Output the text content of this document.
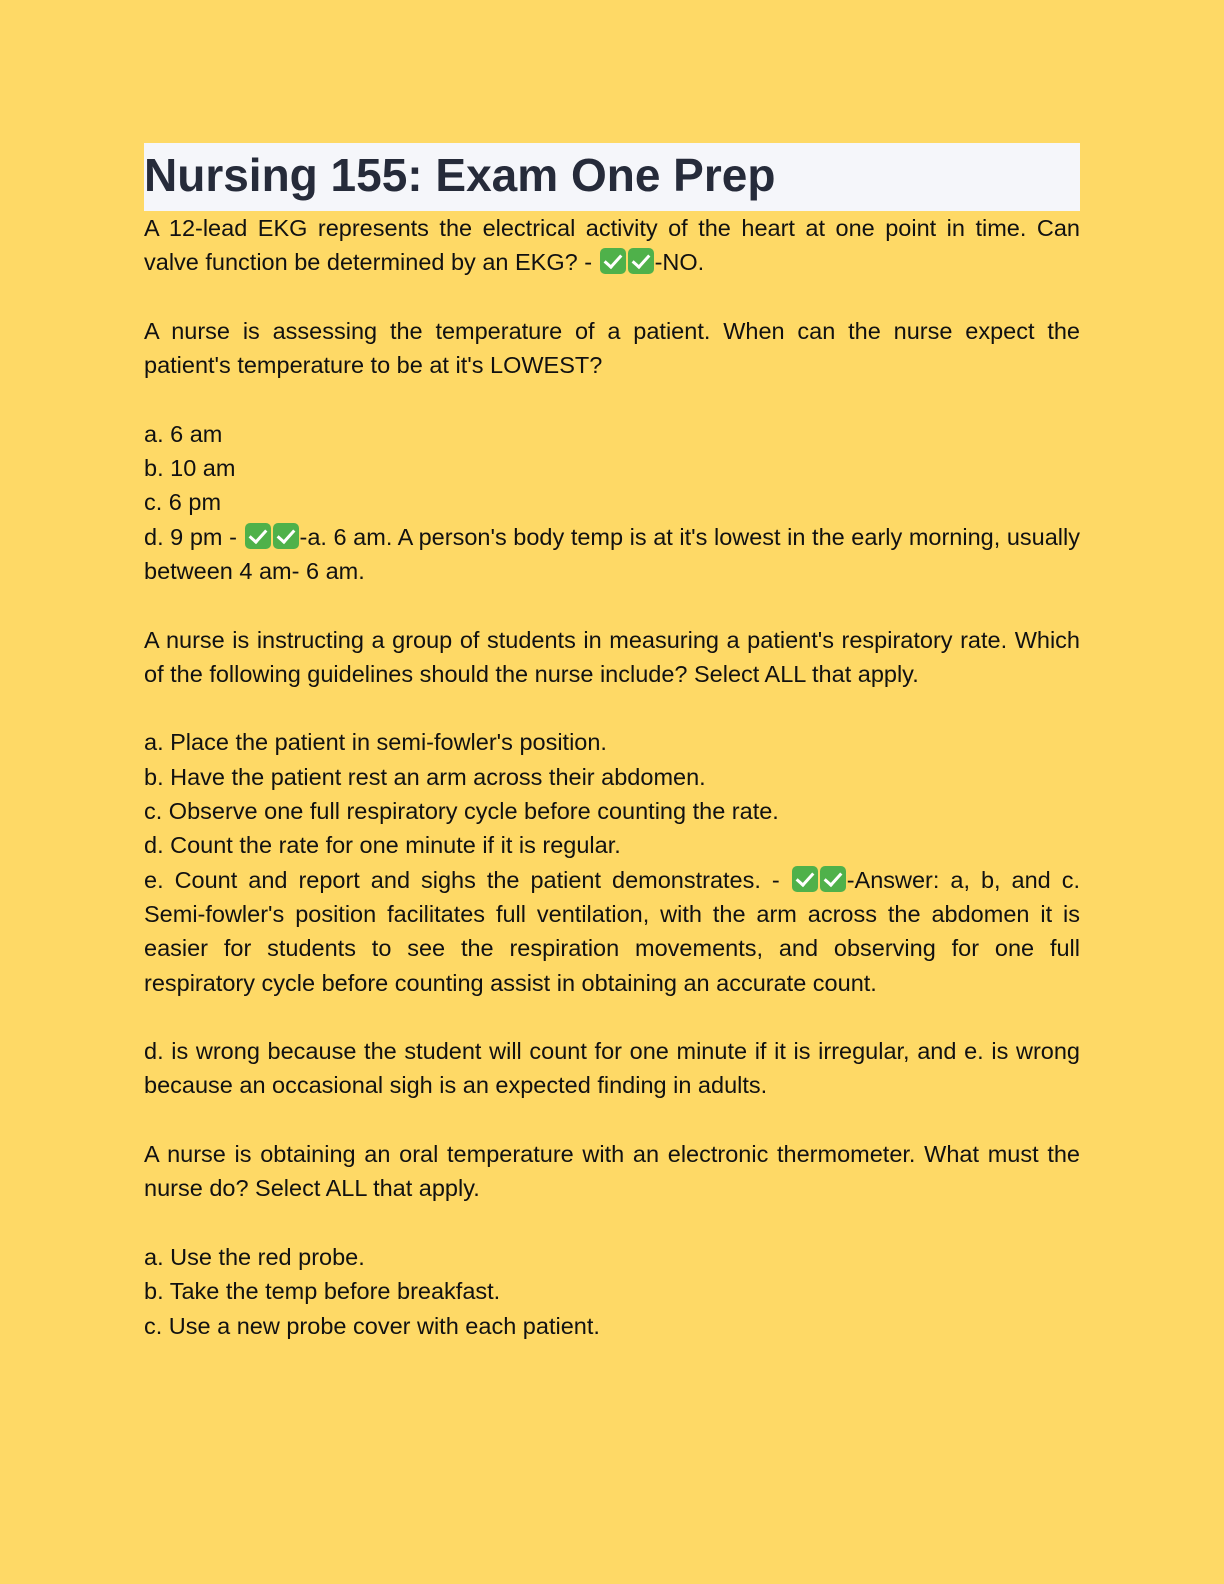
Nursing 155: Exam One Prep

A 12-lead EKG represents the electrical activity of the heart at one point in time. Can valve function be determined by an EKG? -	-NO.

A nurse is assessing the temperature of a patient. When can the nurse expect the patient's temperature to be at it's LOWEST?

a. 6 am

b. 10 am

c. 6 pm

d. 9 pm -	-a. 6 am. A person's body temp is at it's lowest in the early morning, usually between 4 am- 6 am.

A nurse is instructing a group of students in measuring a patient's respiratory rate. Which of the following guidelines should the nurse include? Select ALL that apply.

a. Place the patient in semi-fowler's position.

b. Have the patient rest an arm across their abdomen.

c. Observe one full respiratory cycle before counting the rate.

d. Count the rate for one minute if it is regular.

e. Count and report and sighs the patient demonstrates. -	-Answer: a, b, and c. Semi-fowler's position facilitates full ventilation, with the arm across the abdomen it is easier for students to see the respiration movements, and observing for one full respiratory cycle before counting assist in obtaining an accurate count.

d. is wrong because the student will count for one minute if it is irregular, and e. is wrong because an occasional sigh is an expected finding in adults.

A nurse is obtaining an oral temperature with an electronic thermometer. What must the nurse do? Select ALL that apply.

a. Use the red probe.

b. Take the temp before breakfast.

c. Use a new probe cover with each patient.
